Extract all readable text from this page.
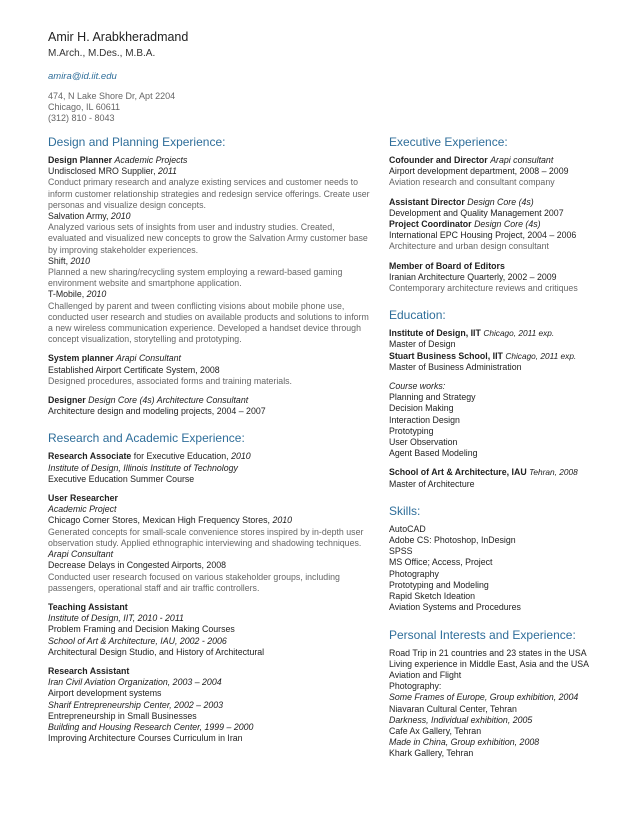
Amir H. Arabkheradmand
M.Arch., M.Des., M.B.A.
amira@id.iit.edu
474, N Lake Shore Dr, Apt 2204
Chicago, IL 60611
(312) 810 - 8043
Design and Planning Experience:
Design Planner Academic Projects
Undisclosed MRO Supplier, 2011
Conduct primary research and analyze existing services and customer needs to inform customer relationship strategies and redesign service offerings. Create user personas and visualize design concepts.
Salvation Army, 2010
Analyzed various sets of insights from user and industry studies. Created, evaluated and visualized new concepts to grow the Salvation Army customer base by improving stakeholder experiences.
Shift, 2010
Planned a new sharing/recycling system employing a reward-based gaming environment website and smartphone application.
T-Mobile, 2010
Challenged by parent and tween conflicting visions about mobile phone use, conducted user research and studies on available products and solutions to inform a new wireless communication experience. Developed a handset device through concept visualization, storytelling and prototyping.
System planner Arapi Consultant
Established Airport Certificate System, 2008
Designed procedures, associated forms and training materials.
Designer Design Core (4s) Architecture Consultant
Architecture design and modeling projects, 2004 – 2007
Research and Academic Experience:
Research Associate for Executive Education, 2010
Institute of Design, Illinois Institute of Technology
Executive Education Summer Course
User Researcher
Academic Project
Chicago Corner Stores, Mexican High Frequency Stores, 2010
Generated concepts for small-scale convenience stores inspired by in-depth user observation study. Applied ethnographic interviewing and shadowing techniques.
Arapi Consultant
Decrease Delays in Congested Airports, 2008
Conducted user research focused on various stakeholder groups, including passengers, operational staff and air traffic controllers.
Teaching Assistant
Institute of Design, IIT, 2010 - 2011
Problem Framing and Decision Making Courses
School of Art & Architecture, IAU, 2002 - 2006
Architectural Design Studio, and History of Architectural
Research Assistant
Iran Civil Aviation Organization, 2003 – 2004
Airport development systems
Sharif Entrepreneurship Center, 2002 – 2003
Entrepreneurship in Small Businesses
Building and Housing Research Center, 1999 – 2000
Improving Architecture Courses Curriculum in Iran
Executive Experience:
Cofounder and Director Arapi consultant
Airport development department, 2008 – 2009
Aviation research and consultant company
Assistant Director Design Core (4s)
Development and Quality Management 2007
Project Coordinator Design Core (4s)
International EPC Housing Project, 2004 – 2006
Architecture and urban design consultant
Member of Board of Editors
Iranian Architecture Quarterly, 2002 – 2009
Contemporary architecture reviews and critiques
Education:
Institute of Design, IIT Chicago, 2011 exp.
Master of Design
Stuart Business School, IIT Chicago, 2011 exp.
Master of Business Administration
Course works:
Planning and Strategy
Decision Making
Interaction Design
Prototyping
User Observation
Agent Based Modeling
School of Art & Architecture, IAU Tehran, 2008
Master of Architecture
Skills:
AutoCAD
Adobe CS: Photoshop, InDesign
SPSS
MS Office; Access, Project
Photography
Prototyping and Modeling
Rapid Sketch Ideation
Aviation Systems and Procedures
Personal Interests and Experience:
Road Trip in 21 countries and 23 states in the USA
Living experience in Middle East, Asia and the USA
Aviation and Flight
Photography:
Some Frames of Europe, Group exhibition, 2004
Niavaran Cultural Center, Tehran
Darkness, Individual exhibition, 2005
Cafe Ax Gallery, Tehran
Made in China, Group exhibition, 2008
Khark Gallery, Tehran
